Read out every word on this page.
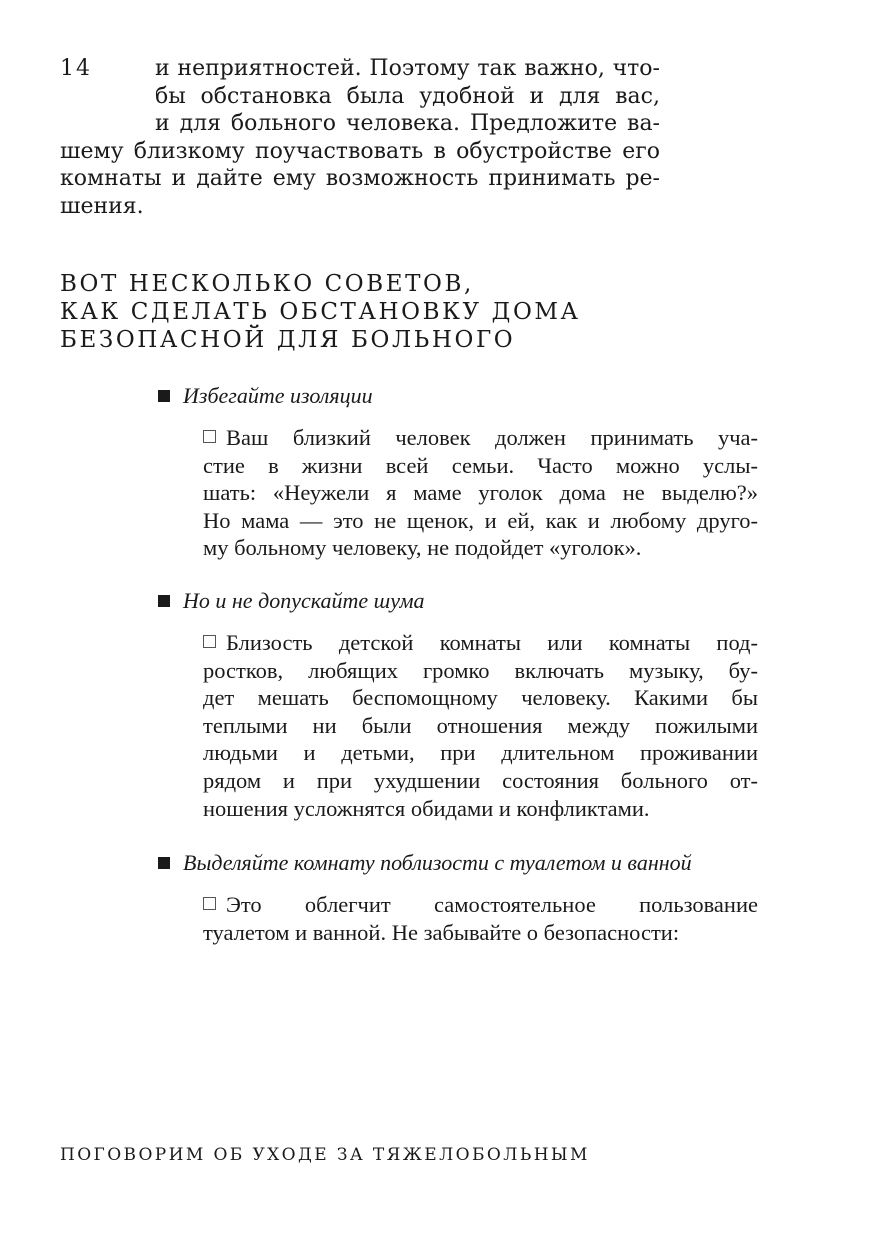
14	и неприятностей. Поэтому так важно, что-
бы обстановка была удобной и для вас,
и для больного человека. Предложите ва-
шему близкому поучаствовать в обустройстве его
комнаты и дайте ему возможность принимать ре-
шения.
ВОТ НЕСКОЛЬКО СОВЕТОВ,
КАК СДЕЛАТЬ ОБСТАНОВКУ ДОМА
БЕЗОПАСНОЙ ДЛЯ БОЛЬНОГО
Избегайте изоляции
Ваш близкий человек должен принимать уча-
стие в жизни всей семьи. Часто можно услы-
шать: «Неужели я маме уголок дома не выделю?»
Но мама — это не щенок, и ей, как и любому друго-
му больному человеку, не подойдет «уголок».
Но и не допускайте шума
Близость детской комнаты или комнаты под-
ростков, любящих громко включать музыку, бу-
дет мешать беспомощному человеку. Какими бы
теплыми ни были отношения между пожилыми
людьми и детьми, при длительном проживании
рядом и при ухудшении состояния больного от-
ношения усложнятся обидами и конфликтами.
Выделяйте комнату поблизости с туалетом и ванной
Это облегчит самостоятельное пользование
туалетом и ванной. Не забывайте о безопасности:
ПОГОВОРИМ ОБ УХОДЕ ЗА ТЯЖЕЛОБОЛЬНЫМ
